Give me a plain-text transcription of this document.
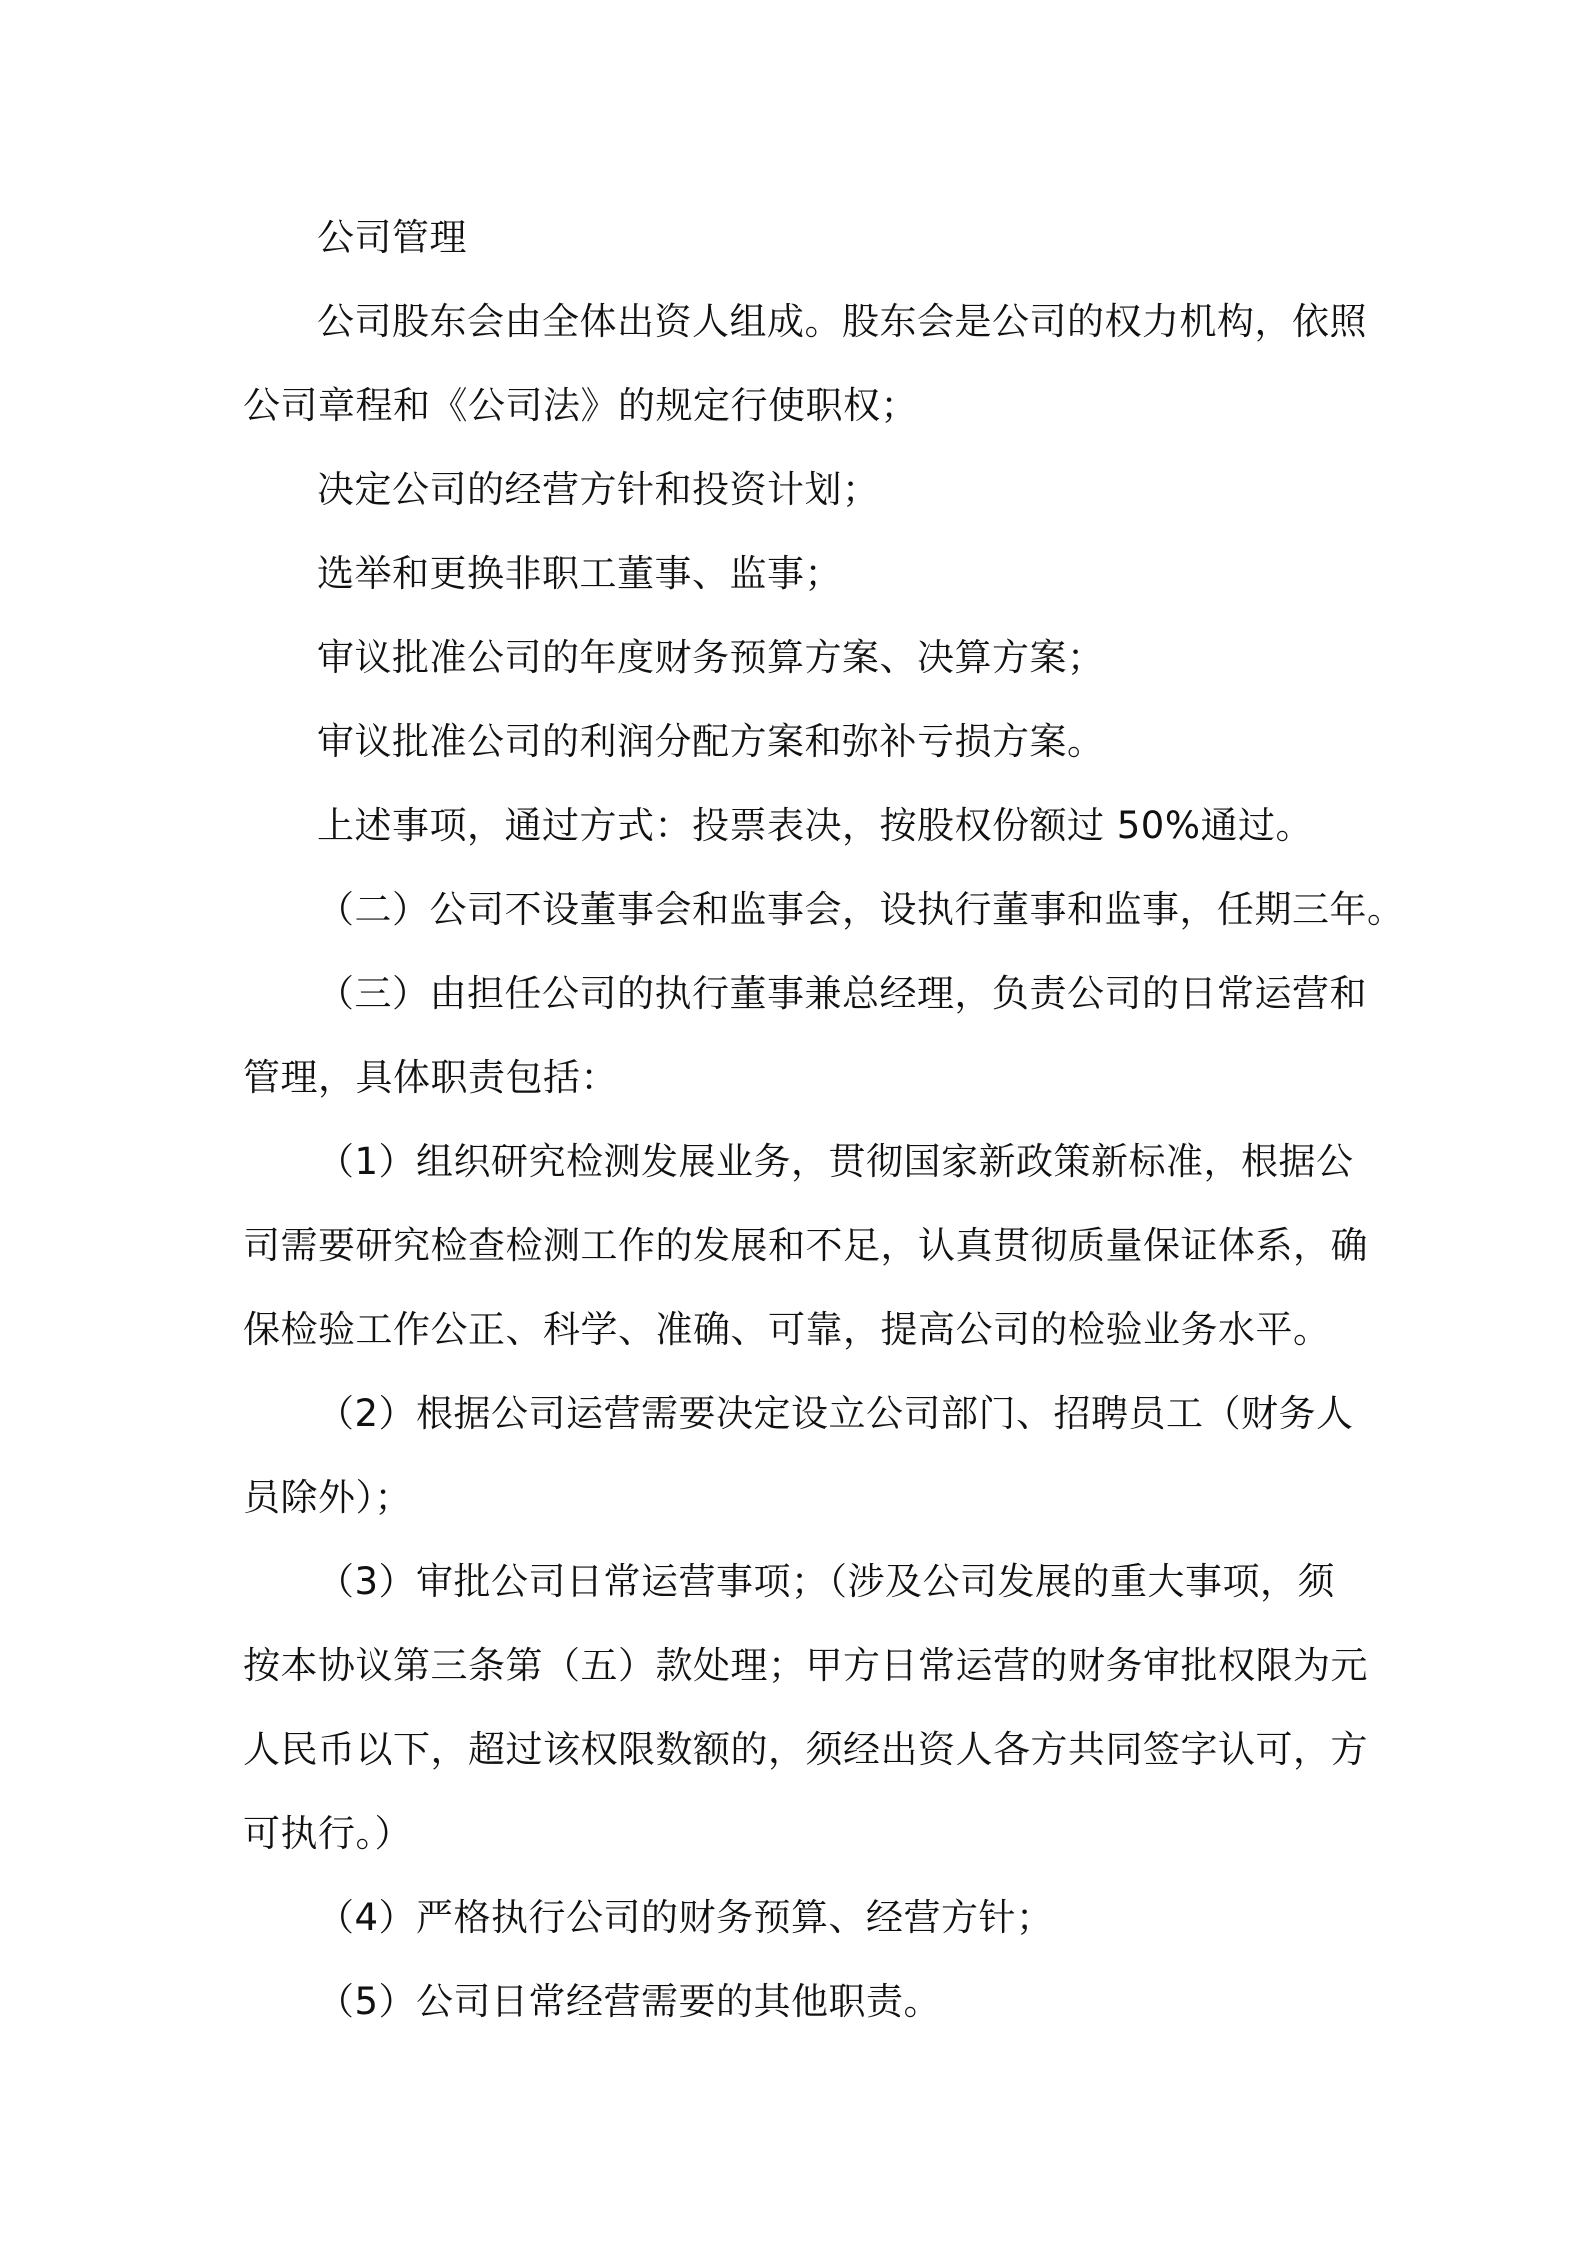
公司管理
公司股东会由全体出资人组成。股东会是公司的权力机构，依照
公司章程和《公司法》的规定行使职权；
决定公司的经营方针和投资计划；
选举和更换非职工董事、监事；
审议批准公司的年度财务预算方案、决算方案；
审议批准公司的利润分配方案和弥补亏损方案。
上述事项，通过方式：投票表决，按股权份额过 50%通过。
（二）公司不设董事会和监事会，设执行董事和监事，任期三年。
（三）由担任公司的执行董事兼总经理，负责公司的日常运营和
管理，具体职责包括：
（1）组织研究检测发展业务，贯彻国家新政策新标准，根据公
司需要研究检查检测工作的发展和不足，认真贯彻质量保证体系，确
保检验工作公正、科学、准确、可靠，提高公司的检验业务水平。
（2）根据公司运营需要决定设立公司部门、招聘员工（财务人
员除外）；
（3）审批公司日常运营事项；（涉及公司发展的重大事项，须
按本协议第三条第（五）款处理；甲方日常运营的财务审批权限为元
人民币以下，超过该权限数额的，须经出资人各方共同签字认可，方
可执行。）
（4）严格执行公司的财务预算、经营方针；
（5）公司日常经营需要的其他职责。
